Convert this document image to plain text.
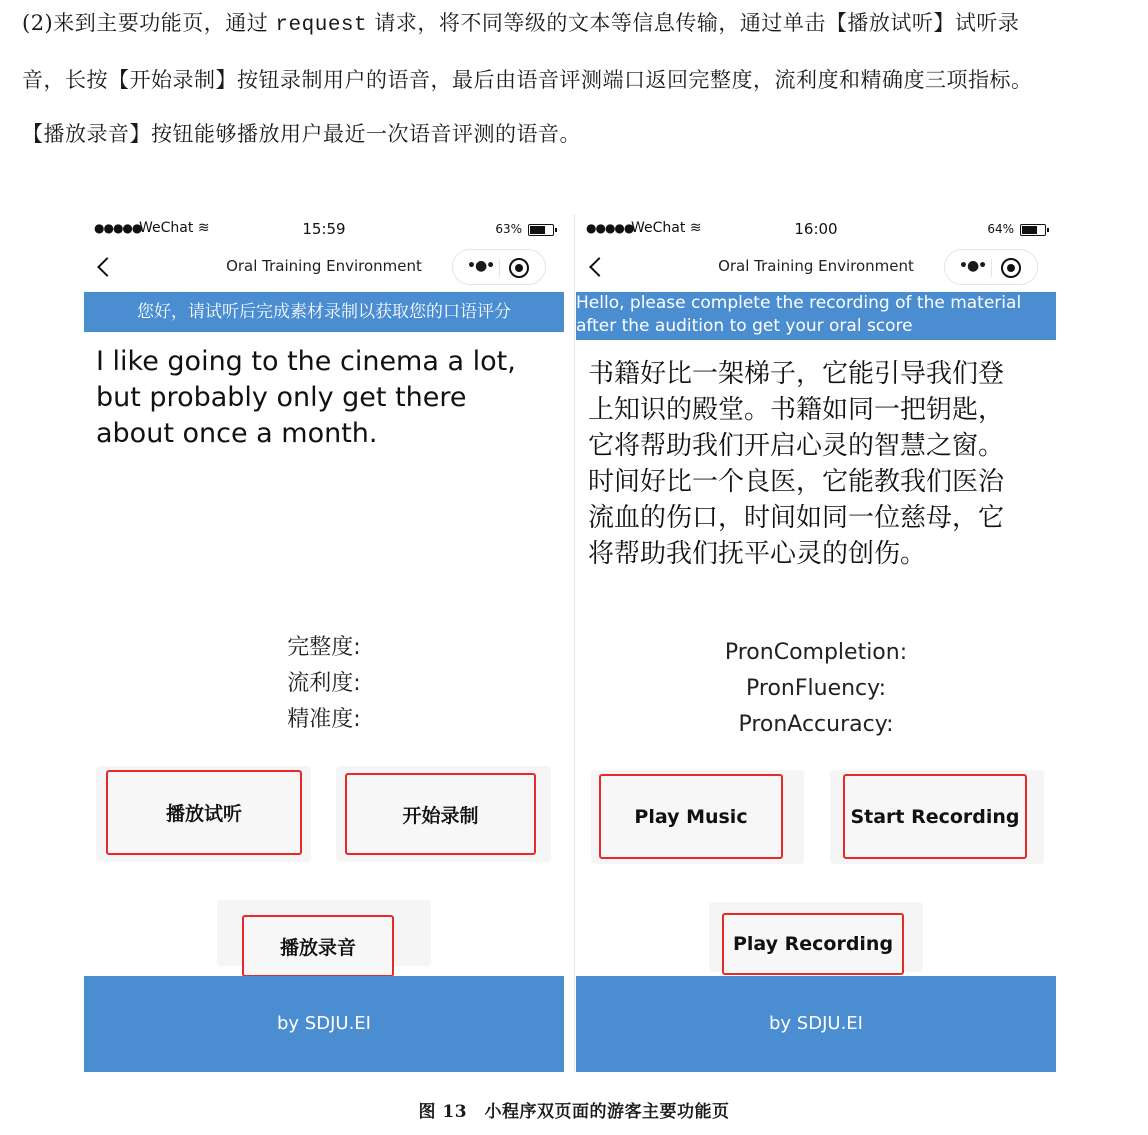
(2)来到主要功能页，通过 request 请求，将不同等级的文本等信息传输，通过单击【播放试听】试听录

音，长按【开始录制】按钮录制用户的语音，最后由语音评测端口返回完整度，流利度和精确度三项指标。

【播放录音】按钮能够播放用户最近一次语音评测的语音。

●●●●●
WeChat ≋	15:59	63%
Oral Training Environment	•●•
您好，请试听后完成素材录制以获取您的口语评分
I like going to the cinema a lot,
but probably only get there
about once a month.
完整度:
流利度:
精准度:
播放试听	开始录制
播放录音
by SDJU.EI
●●●●●
WeChat ≋	16:00	64%
Oral Training Environment	•●•
Hello, please complete the recording of the material
after the audition to get your oral score
书籍好比一架梯子，它能引导我们登
上知识的殿堂。书籍如同一把钥匙，
它将帮助我们开启心灵的智慧之窗。
时间好比一个良医，它能教我们医治
流血的伤口，时间如同一位慈母，它
将帮助我们抚平心灵的创伤。
PronCompletion:
PronFluency:
PronAccuracy:
Play Music	Start Recording
Play Recording
by SDJU.EI
图 13　小程序双页面的游客主要功能页
